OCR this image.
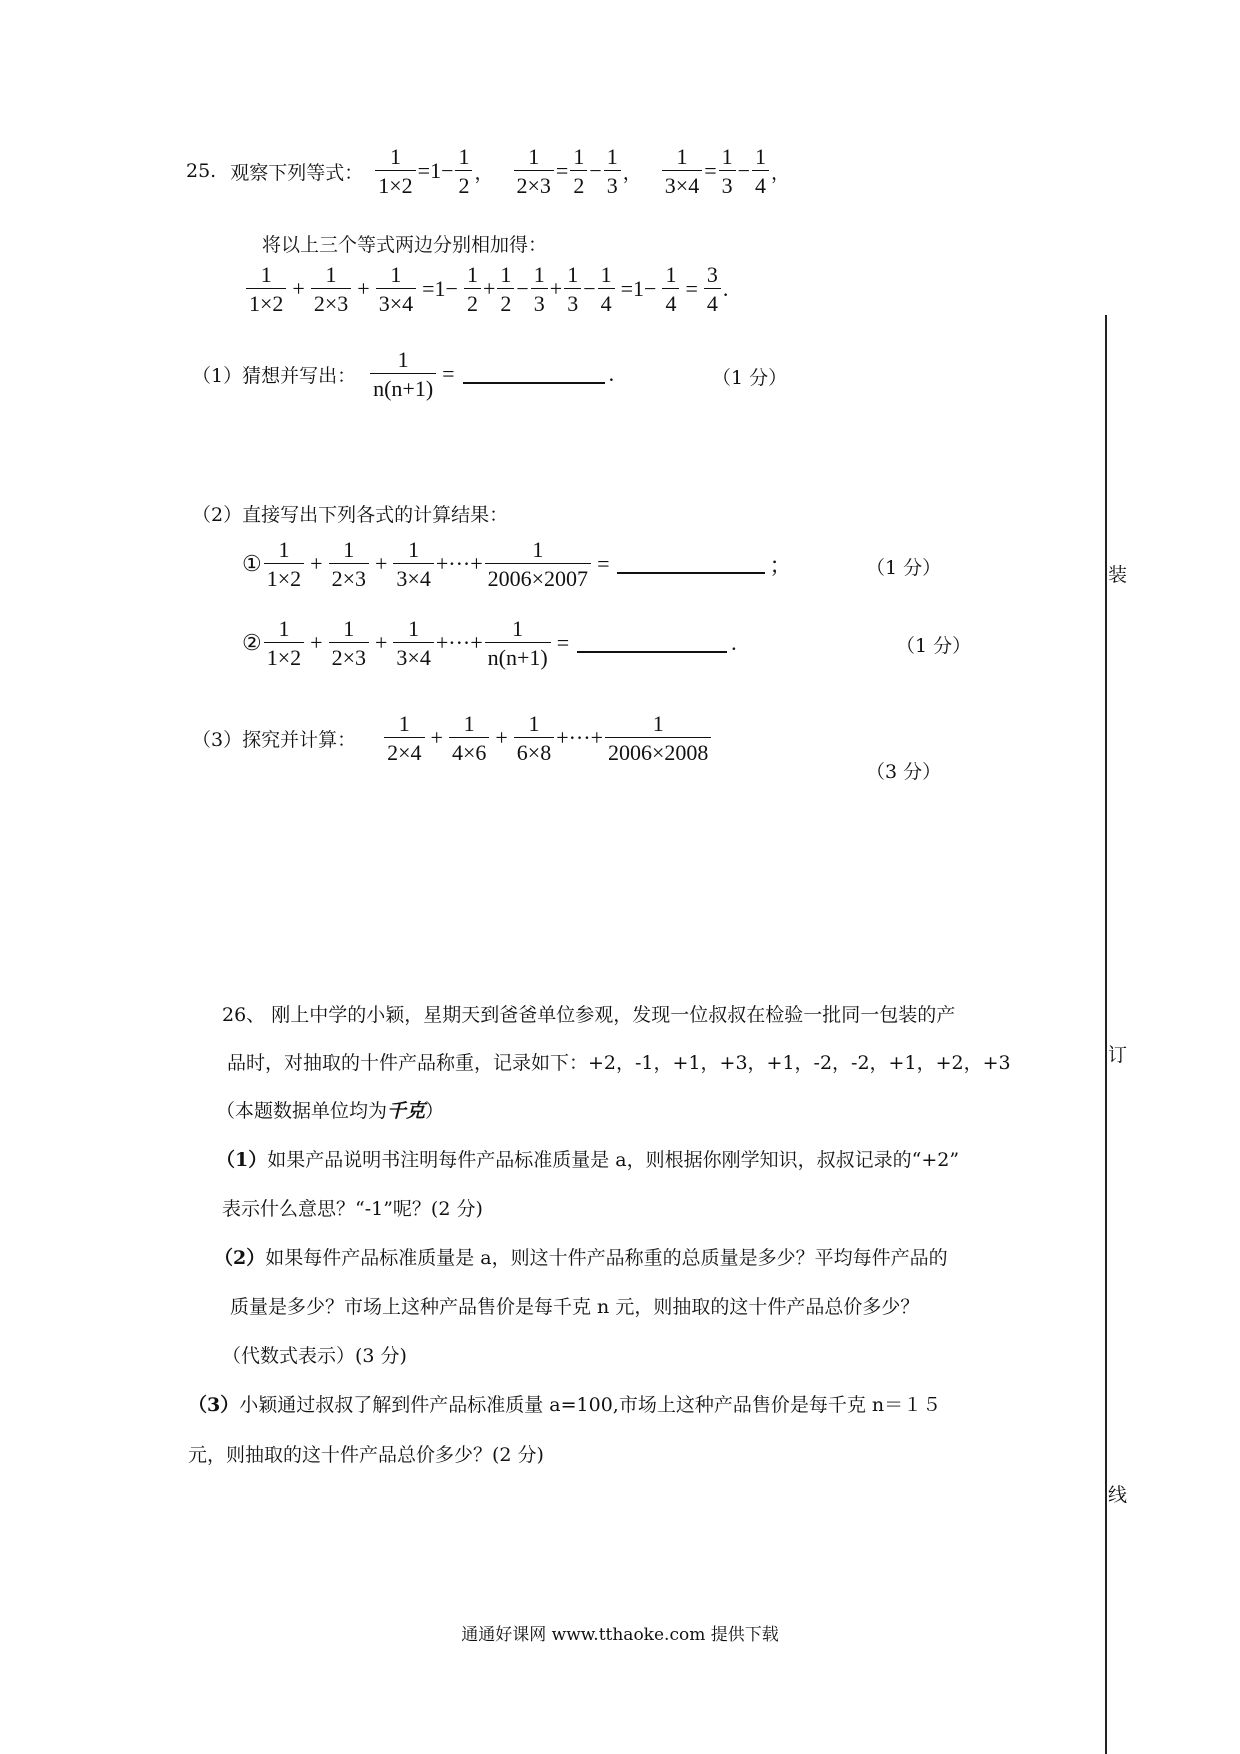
25. 观察下列等式： $\frac{1}{1\times 2} =1- \frac{1}{2}$ ， $\frac{1}{2\times 3} = \frac{1}{2} - \frac{1}{3}$ ， $\frac{1}{3\times 4} = \frac{1}{3} - \frac{1}{4}$ ，
将以上三个等式两边分别相加得：
$\frac{1}{1\times 2} + \frac{1}{2\times 3} + \frac{1}{3\times 4} =1- \frac{1}{2} + \frac{1}{2} - \frac{1}{3} + \frac{1}{3} - \frac{1}{4} =1- \frac{1}{4} = \frac{3}{4}$ .
（1）猜想并写出： $\frac{1}{n(n+1)}$ =	.	（1 分）
（2）直接写出下列各式的计算结果：
① $\frac{1}{1\times 2} + \frac{1}{2\times 3} + \frac{1}{3\times 4}$ +···+ $\frac{1}{2006\times 2007}$ =	；	（1 分）
② $\frac{1}{1\times 2} + \frac{1}{2\times 3} + \frac{1}{3\times 4}$ +···+ $\frac{1}{n(n+1)}$ =	.	（1 分）
（3）探究并计算： $\frac{1}{2\times 4} + \frac{1}{4\times 6} + \frac{1}{6\times 8}$ +···+ $\frac{1}{2006\times 2008}$
（3 分）
26、 刚上中学的小颖，星期天到爸爸单位参观，发现一位叔叔在检验一批同一包装的产
品时，对抽取的十件产品称重，记录如下：+2，-1，+1，+3，+1，-2，-2，+1，+2，+3
（本题数据单位均为千克）
（1）如果产品说明书注明每件产品标准质量是 a，则根据你刚学知识，叔叔记录的“+2”
表示什么意思？“-1”呢？(2 分)
（2）如果每件产品标准质量是 a，则这十件产品称重的总质量是多少？平均每件产品的
质量是多少？市场上这种产品售价是每千克 n 元，则抽取的这十件产品总价多少？
（代数式表示）(3 分)
（3）小颖通过叔叔了解到件产品标准质量 a=100,市场上这种产品售价是每千克 n＝１５
元，则抽取的这十件产品总价多少？(2 分)
装
订
线
通通好课网 www.tthaoke.com 提供下载
